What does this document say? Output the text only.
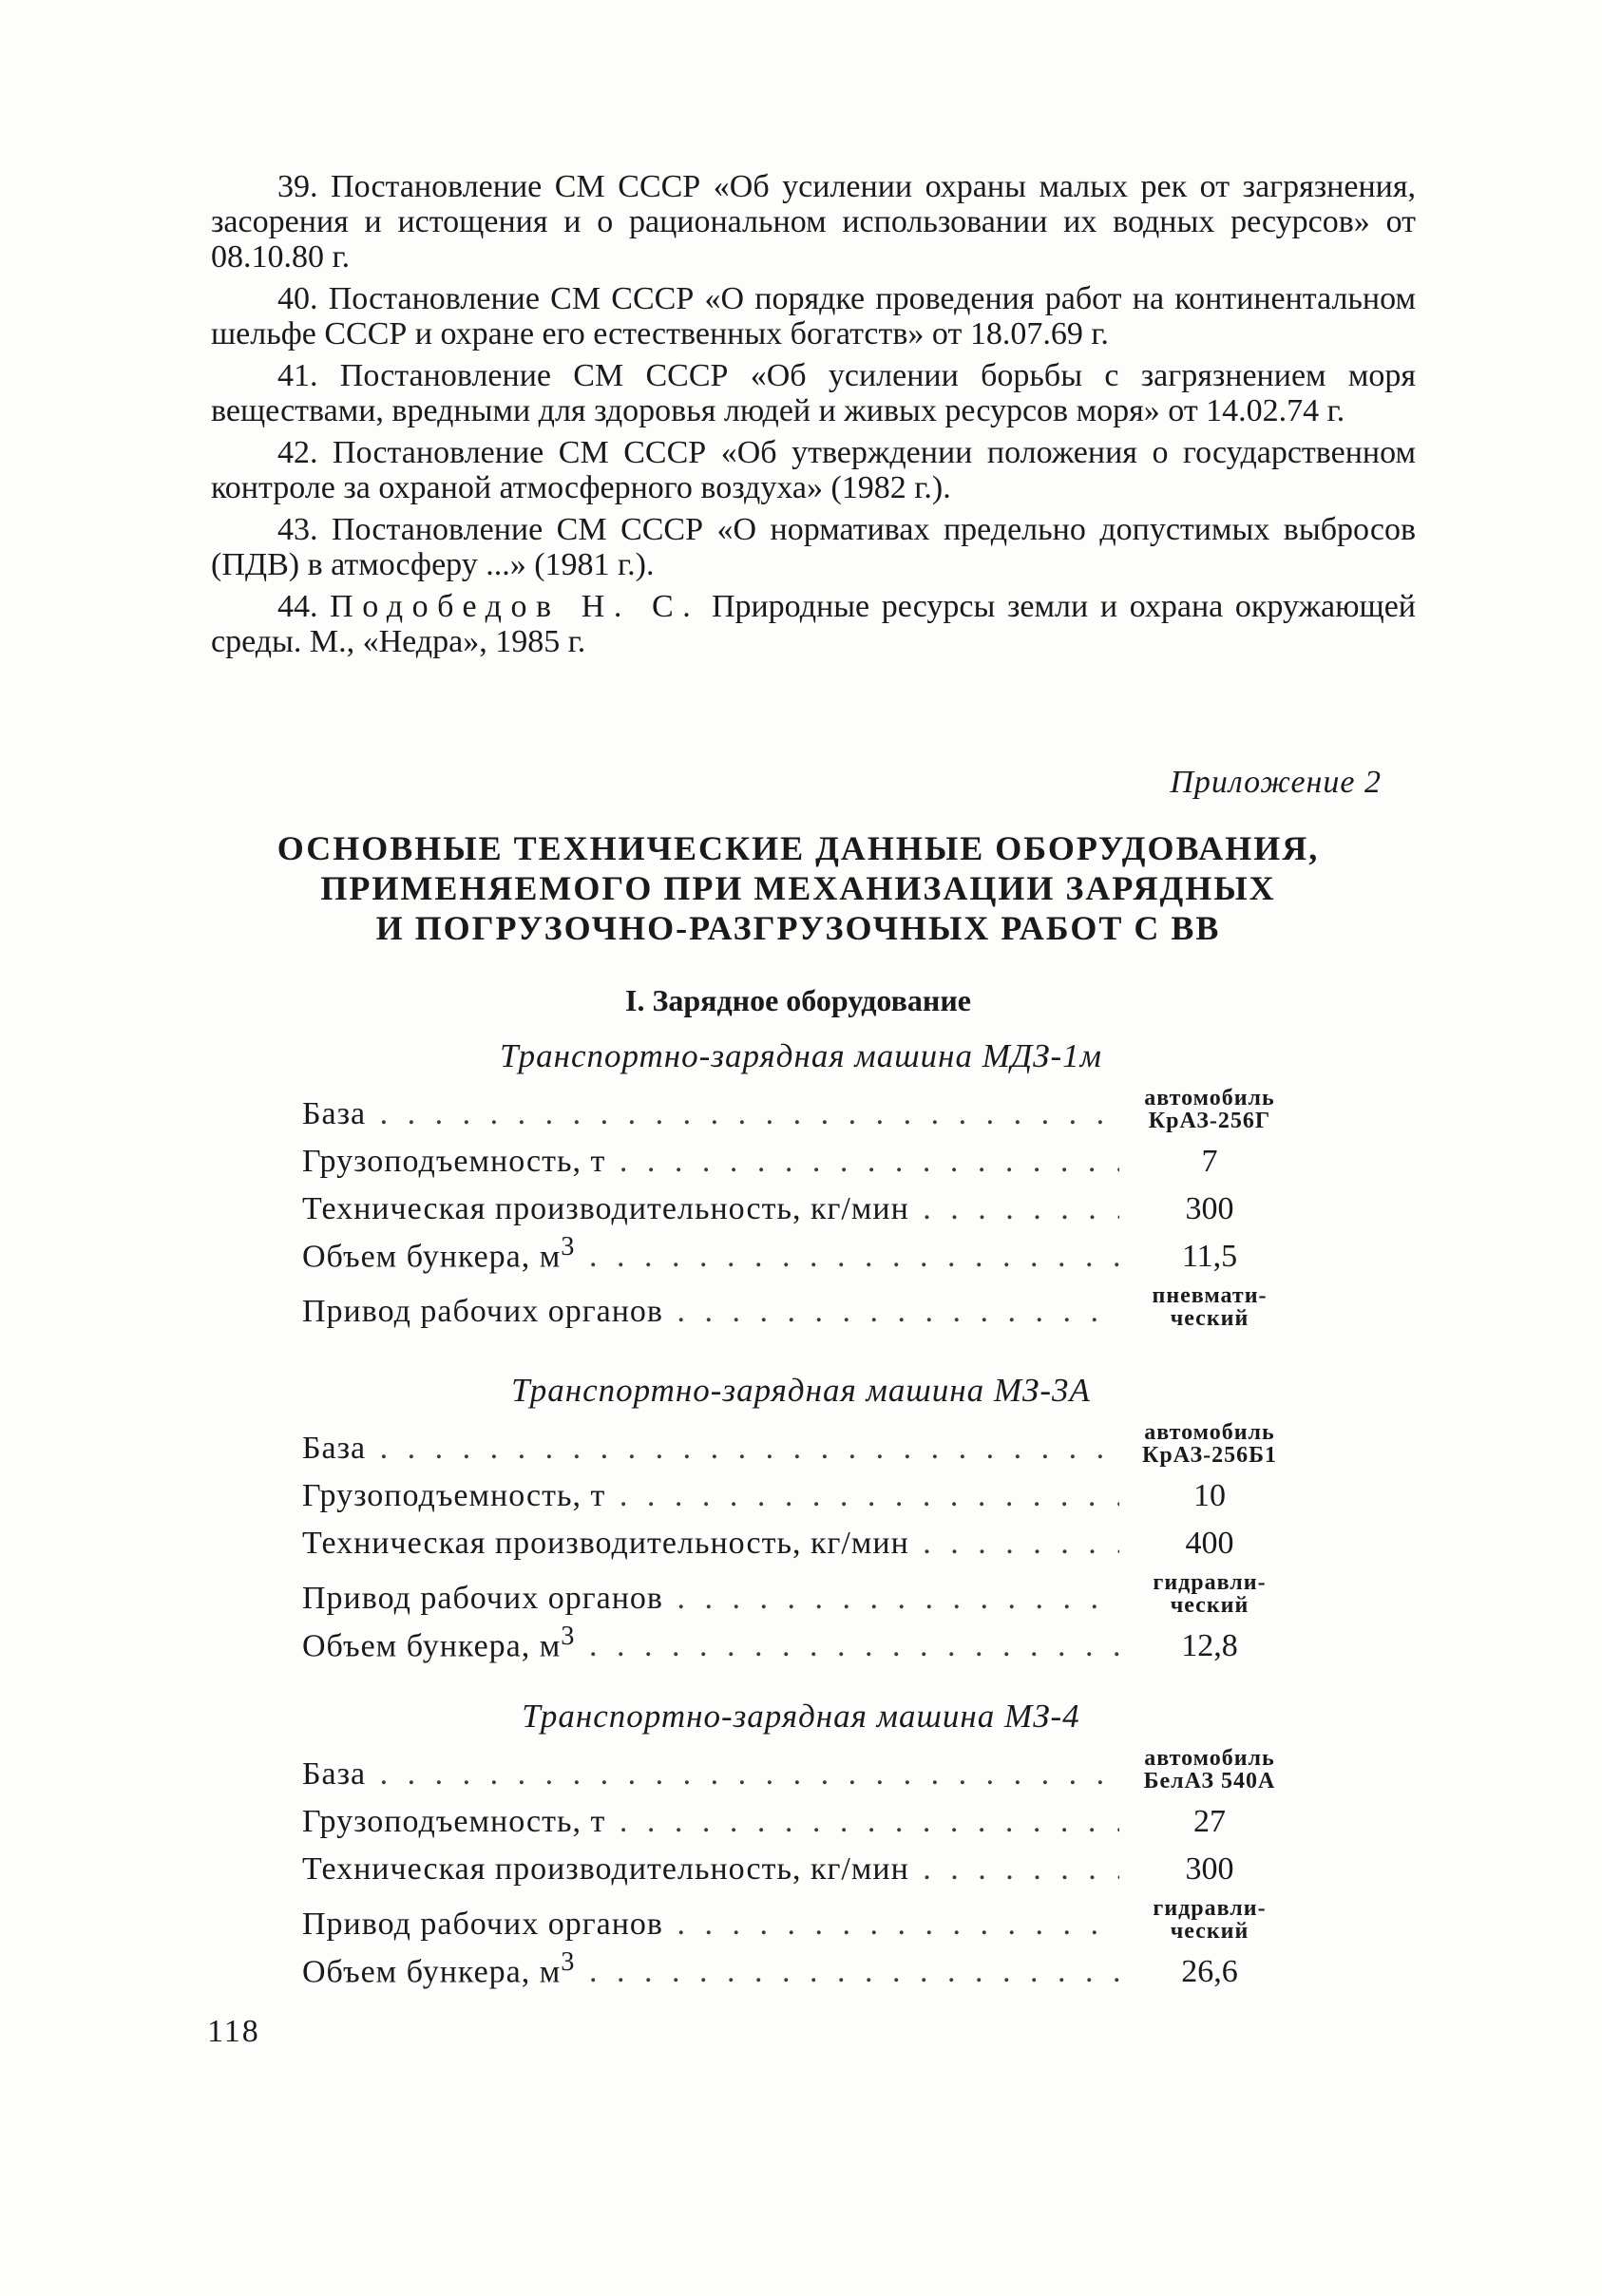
39. Постановление СМ СССР «Об усилении охраны малых рек от загрязнения, засорения и истощения и о рациональном использовании их водных ресурсов» от 08.10.80 г.

40. Постановление СМ СССР «О порядке проведения работ на континентальном шельфе СССР и охране его естественных богатств» от 18.07.69 г.

41. Постановление СМ СССР «Об усилении борьбы с загрязнением моря веществами, вредными для здоровья людей и живых ресурсов моря» от 14.02.74 г.

42. Постановление СМ СССР «Об утверждении положения о государственном контроле за охраной атмосферного воздуха» (1982 г.).

43. Постановление СМ СССР «О нормативах предельно допустимых выбросов (ПДВ) в атмосферу ...» (1981 г.).

44. Подобедов Н. С. Природные ресурсы земли и охрана окружающей среды. М., «Недра», 1985 г.

Приложение 2
ОСНОВНЫЕ ТЕХНИЧЕСКИЕ ДАННЫЕ ОБОРУДОВАНИЯ,
ПРИМЕНЯЕМОГО ПРИ МЕХАНИЗАЦИИ ЗАРЯДНЫХ
И ПОГРУЗОЧНО-РАЗГРУЗОЧНЫХ РАБОТ С ВВ
I. Зарядное оборудование
Транспортно-зарядная машина МДЗ-1м
База . . .	автомобиль
КрАЗ-256Г
Грузоподъемность, т . . .	7
Техническая производительность, кг/мин . . .	300
Объем бункера, $м^3$ . . .	11,5
Привод рабочих органов . . .	пневмати-
ческий
Транспортно-зарядная машина МЗ-3А
База . . .	автомобиль
КрАЗ-256Б1
Грузоподъемность, т . . .	10
Техническая производительность, кг/мин . . .	400
Привод рабочих органов . . .	гидравли-
ческий
Объем бункера, $м^3$ . . .	12,8
Транспортно-зарядная машина МЗ-4
База . . .	автомобиль
БелАЗ 540А
Грузоподъемность, т . . .	27
Техническая производительность, кг/мин . . .	300
Привод рабочих органов . . .	гидравли-
ческий
Объем бункера, $м^3$ . . .	26,6
118
